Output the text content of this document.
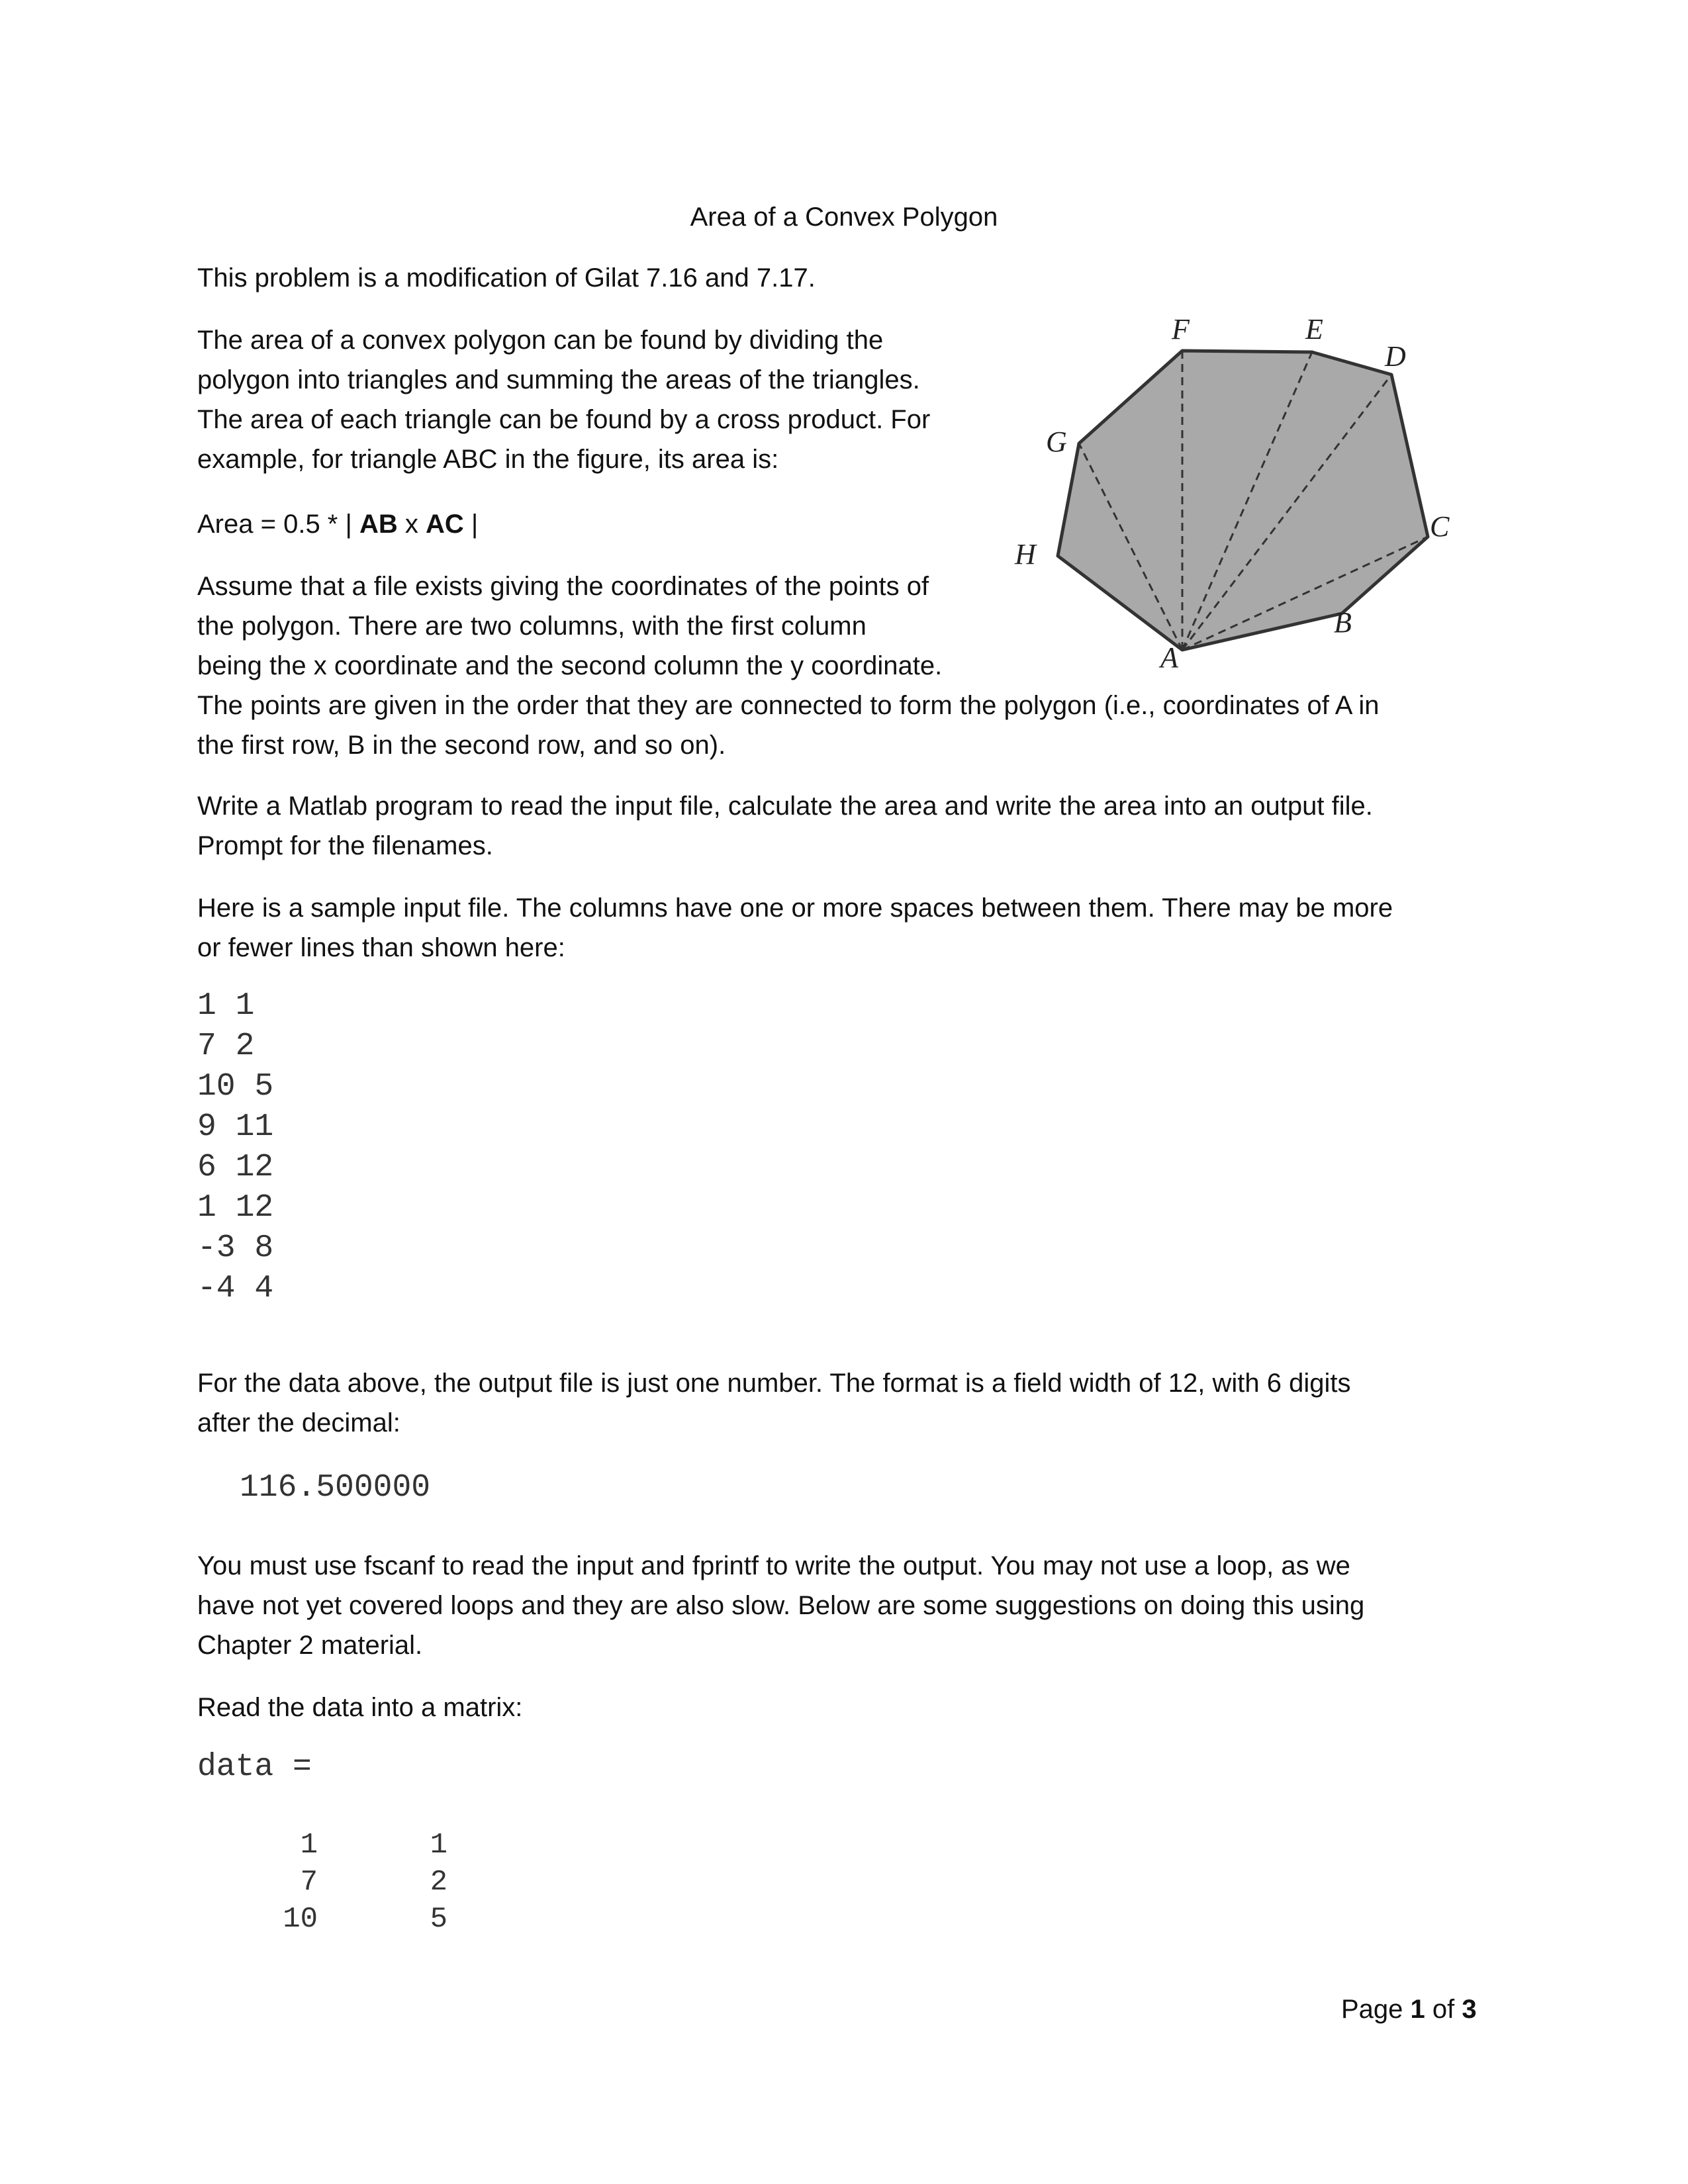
Area of a Convex Polygon

This problem is a modification of Gilat 7.16 and 7.17.

The area of a convex polygon can be found by dividing the
polygon into triangles and summing the areas of the triangles.
The area of each triangle can be found by a cross product. For
example, for triangle ABC in the figure, its area is:
Area = 0.5 * | AB x AC |
Assume that a file exists giving the coordinates of the points of
the polygon. There are two columns, with the first column
being the x coordinate and the second column the y coordinate.
The points are given in the order that they are connected to form the polygon (i.e., coordinates of A in
the first row, B in the second row, and so on).
Write a Matlab program to read the input file, calculate the area and write the area into an output file.
Prompt for the filenames.
Here is a sample input file. The columns have one or more spaces between them. There may be more
or fewer lines than shown here:
1 1
7 2
10 5
9 11
6 12
1 12
-3 8
-4 4
For the data above, the output file is just one number. The format is a field width of 12, with 6 digits
after the decimal:
116.500000
You must use fscanf to read the input and fprintf to write the output. You may not use a loop, as we
have not yet covered loops and they are also slow. Below are some suggestions on doing this using
Chapter 2 material.

Read the data into a matrix:

data =
1	1
7	2
10	5
A
B
C
D
E
F
G
H
Page 1 of 3
